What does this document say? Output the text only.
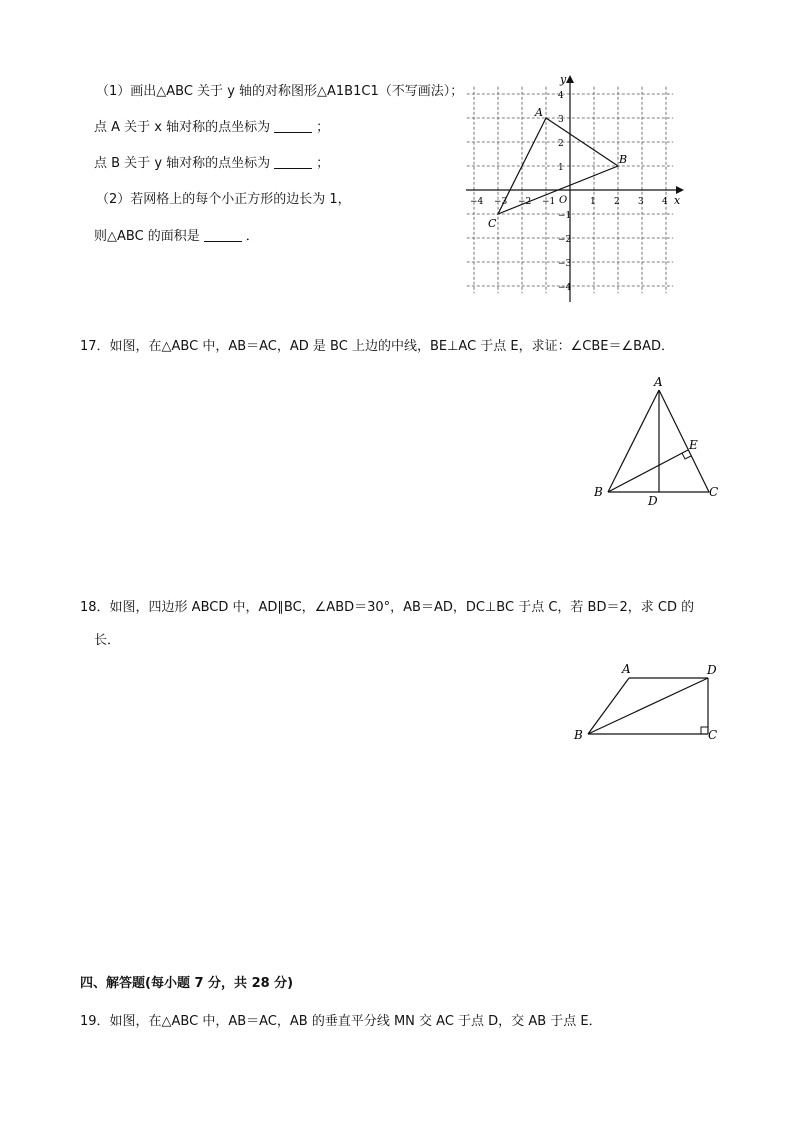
（1）画出△ABC 关于 y 轴的对称图形△A1B1C1（不写画法）；
点 A 关于 x 轴对称的点坐标为	；
点 B 关于 y 轴对称的点坐标为	；
（2）若网格上的每个小正方形的边长为 1，
则△ABC 的面积是	．
x
y
O
−4 −3 −2 −1	1 2 3 4
4
3
2
1
−1
−2
−3
−4
A
B
C
17．如图，在△ABC 中，AB＝AC，AD 是 BC 上边的中线，BE⊥AC 于点 E，求证：∠CBE＝∠BAD．
A
B	C
D
E
18．如图，四边形 ABCD 中，AD∥BC，∠ABD＝30°，AB＝AD，DC⊥BC 于点 C，若 BD＝2，求 CD 的
长．
A	D
B	C
四、解答题(每小题 7 分，共 28 分)
19．如图，在△ABC 中，AB＝AC，AB 的垂直平分线 MN 交 AC 于点 D，交 AB 于点 E．
